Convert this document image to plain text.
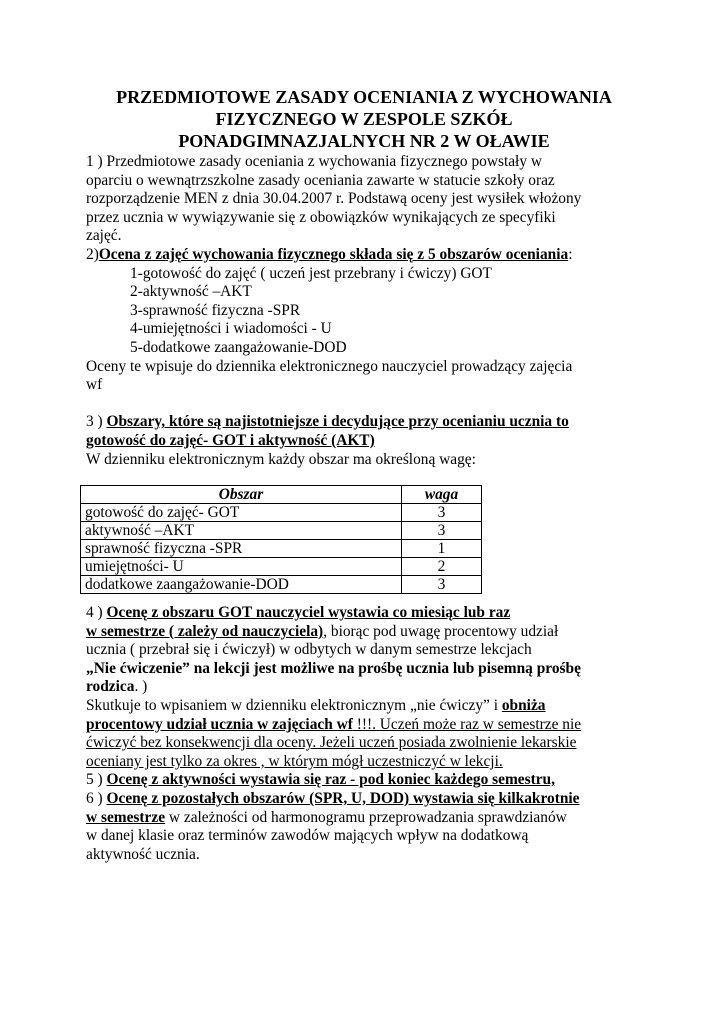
PRZEDMIOTOWE ZASADY OCENIANIA Z WYCHOWANIA
FIZYCZNEGO W ZESPOLE SZKÓŁ
PONADGIMNAZJALNYCH NR 2 W OŁAWIE
1 ) Przedmiotowe zasady oceniania z wychowania fizycznego powstały w
oparciu o wewnątrzszkolne zasady oceniania zawarte w statucie szkoły oraz
rozporządzenie MEN z dnia 30.04.2007 r. Podstawą oceny jest wysiłek włożony
przez ucznia w wywiązywanie się z obowiązków wynikających ze specyfiki
zajęć.
2)Ocena z zajęć wychowania fizycznego składa się z 5 obszarów oceniania:
1-gotowość do zajęć ( uczeń jest przebrany i ćwiczy) GOT
2-aktywność –AKT
3-sprawność fizyczna -SPR
4-umiejętności i wiadomości - U
5-dodatkowe zaangażowanie-DOD
Oceny te wpisuje do dziennika elektronicznego nauczyciel prowadzący zajęcia
wf
3 ) Obszary, które są najistotniejsze i decydujące przy ocenianiu ucznia to
gotowość do zajęć- GOT i aktywność (AKT)
W dzienniku elektronicznym każdy obszar ma określoną wagę:
Obszar	waga
gotowość do zajęć- GOT	3
aktywność –AKT	3
sprawność fizyczna -SPR	1
umiejętności- U	2
dodatkowe zaangażowanie-DOD	3
4 ) Ocenę z obszaru GOT nauczyciel wystawia co miesiąc lub raz
w semestrze ( zależy od nauczyciela), biorąc pod uwagę procentowy udział
ucznia ( przebrał się i ćwiczył) w odbytych w danym semestrze lekcjach
„Nie ćwiczenie” na lekcji jest możliwe na prośbę ucznia lub pisemną prośbę
rodzica. )
Skutkuje to wpisaniem w dzienniku elektronicznym „nie ćwiczy” i obniża
procentowy udział ucznia w zajęciach wf !!!. Uczeń może raz w semestrze nie
ćwiczyć bez konsekwencji dla oceny. Jeżeli uczeń posiada zwolnienie lekarskie
oceniany jest tylko za okres , w którym mógł uczestniczyć w lekcji.
5 ) Ocenę z aktywności wystawia się raz - pod koniec każdego semestru,
6 ) Ocenę z pozostałych obszarów (SPR, U, DOD) wystawia się kilkakrotnie
w semestrze w zależności od harmonogramu przeprowadzania sprawdzianów
w danej klasie oraz terminów zawodów mających wpływ na dodatkową
aktywność ucznia.
